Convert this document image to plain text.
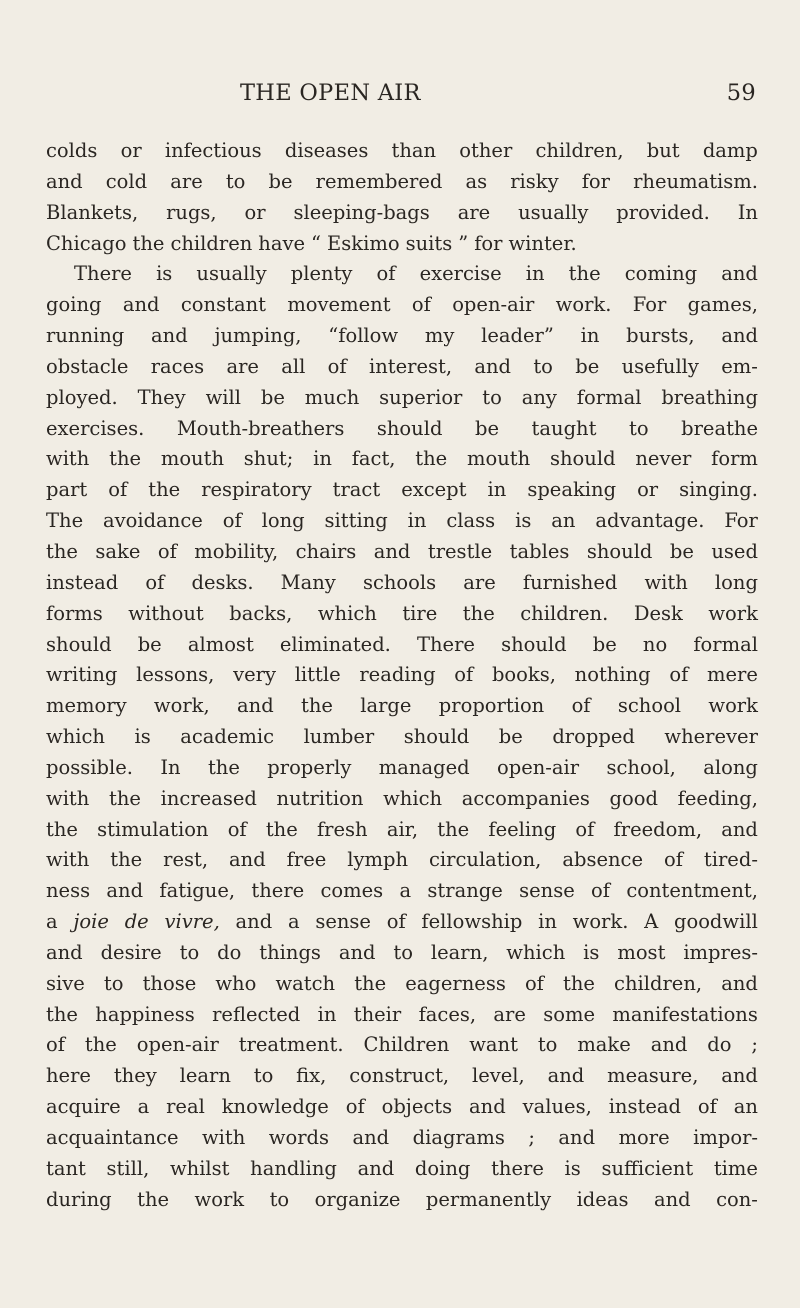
THE OPEN AIR	59
colds or infectious diseases than other children, but damp
and cold are to be remembered as risky for rheumatism.
Blankets, rugs, or sleeping-bags are usually provided. In
Chicago the children have “ Eskimo suits ” for winter.
There is usually plenty of exercise in the coming and
going and constant movement of open-air work. For games,
running and jumping, “follow my leader” in bursts, and
obstacle races are all of interest, and to be usefully em-
ployed. They will be much superior to any formal breathing
exercises. Mouth-breathers should be taught to breathe
with the mouth shut; in fact, the mouth should never form
part of the respiratory tract except in speaking or singing.
The avoidance of long sitting in class is an advantage. For
the sake of mobility, chairs and trestle tables should be used
instead of desks. Many schools are furnished with long
forms without backs, which tire the children. Desk work
should be almost eliminated. There should be no formal
writing lessons, very little reading of books, nothing of mere
memory work, and the large proportion of school work
which is academic lumber should be dropped wherever
possible. In the properly managed open-air school, along
with the increased nutrition which accompanies good feeding,
the stimulation of the fresh air, the feeling of freedom, and
with the rest, and free lymph circulation, absence of tired-
ness and fatigue, there comes a strange sense of contentment,
a joie de vivre, and a sense of fellowship in work. A goodwill
and desire to do things and to learn, which is most impres-
sive to those who watch the eagerness of the children, and
the happiness reflected in their faces, are some manifestations
of the open-air treatment. Children want to make and do ;
here they learn to fix, construct, level, and measure, and
acquire a real knowledge of objects and values, instead of an
acquaintance with words and diagrams ; and more impor-
tant still, whilst handling and doing there is sufficient time
during the work to organize permanently ideas and con-
